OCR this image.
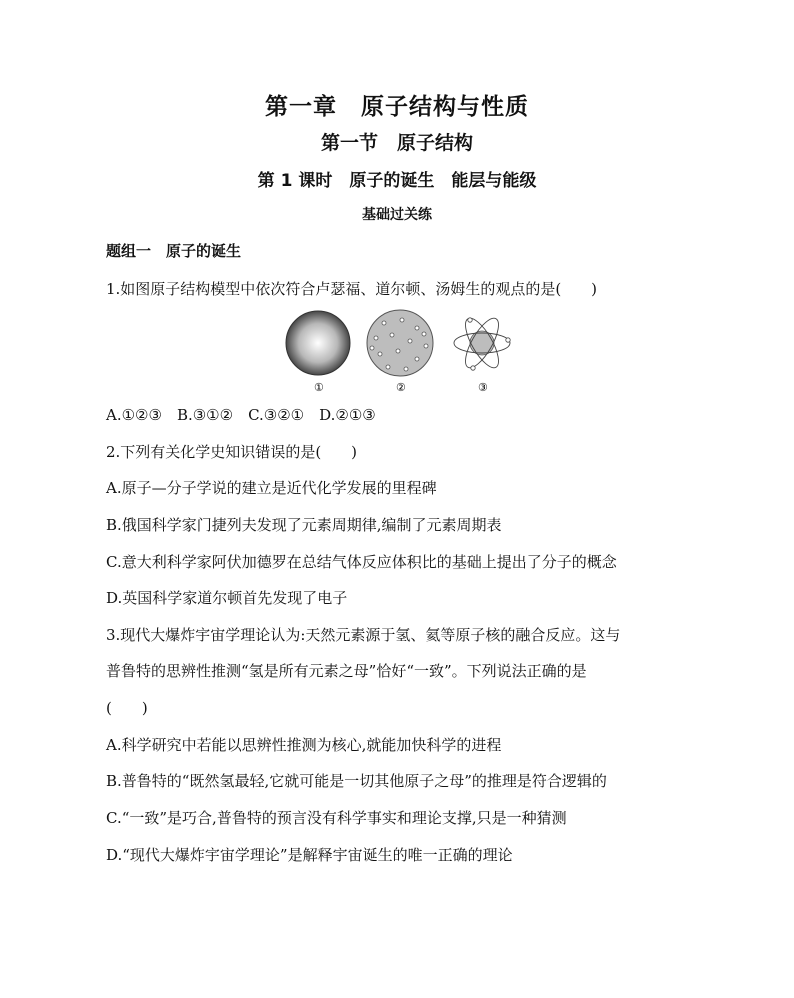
第一章　原子结构与性质
第一节　原子结构
第 1 课时　原子的诞生　能层与能级
基础过关练
题组一　原子的诞生
1.如图原子结构模型中依次符合卢瑟福、道尔顿、汤姆生的观点的是(　　)
①	②	③
A.①②③　B.③①②　C.③②①　D.②①③
2.下列有关化学史知识错误的是(　　)
A.原子—分子学说的建立是近代化学发展的里程碑
B.俄国科学家门捷列夫发现了元素周期律,编制了元素周期表
C.意大利科学家阿伏加德罗在总结气体反应体积比的基础上提出了分子的概念
D.英国科学家道尔顿首先发现了电子
3.现代大爆炸宇宙学理论认为:天然元素源于氢、氦等原子核的融合反应。这与
普鲁特的思辨性推测“氢是所有元素之母”恰好“一致”。下列说法正确的是
(　　)
A.科学研究中若能以思辨性推测为核心,就能加快科学的进程
B.普鲁特的“既然氢最轻,它就可能是一切其他原子之母”的推理是符合逻辑的
C.“一致”是巧合,普鲁特的预言没有科学事实和理论支撑,只是一种猜测
D.“现代大爆炸宇宙学理论”是解释宇宙诞生的唯一正确的理论
